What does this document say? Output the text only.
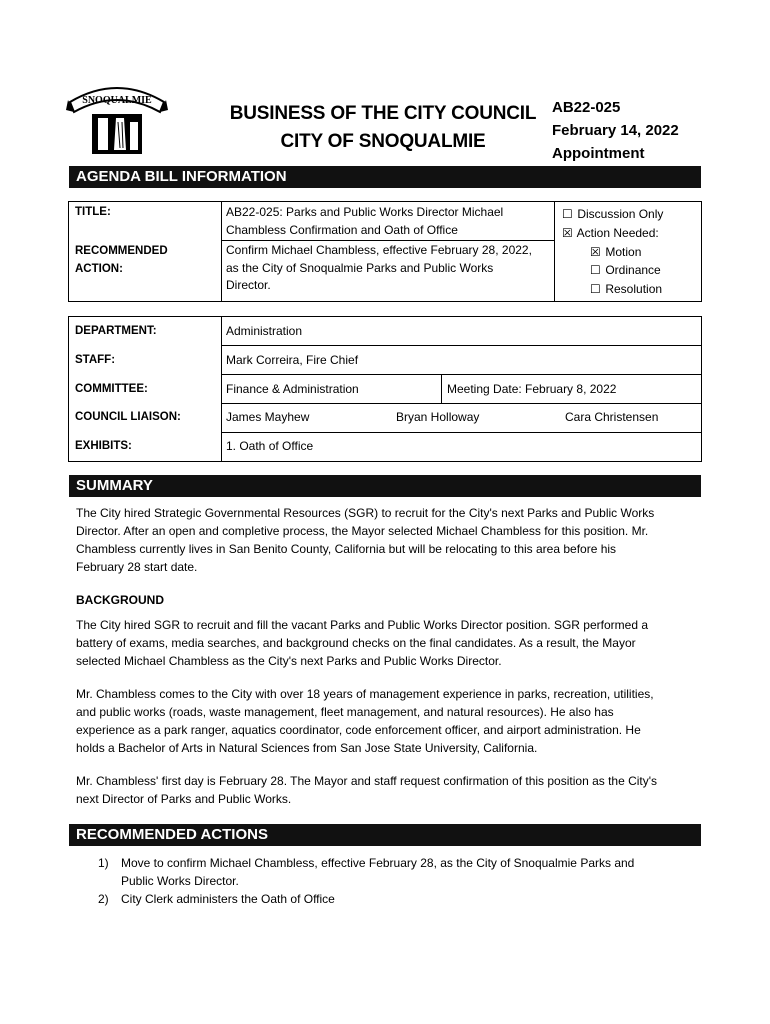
SNOQUALMIE
BUSINESS OF THE CITY COUNCIL
CITY OF SNOQUALMIE
AB22-025
February 14, 2022
Appointment
AGENDA BILL INFORMATION
TITLE:	AB22-025: Parks and Public Works Director Michael
Chambless Confirmation and Oath of Office
RECOMMENDED
ACTION:
Confirm Michael Chambless, effective February 28, 2022,
as the City of Snoqualmie Parks and Public Works
Director.
☐ Discussion Only
☒ Action Needed:
☒ Motion
☐ Ordinance
☐ Resolution
DEPARTMENT:	Administration
STAFF:	Mark Correira, Fire Chief
COMMITTEE:	Finance & Administration	Meeting Date: February 8, 2022
COUNCIL LIAISON:	James Mayhew	Bryan Holloway	Cara Christensen
EXHIBITS:	1. Oath of Office
SUMMARY
The City hired Strategic Governmental Resources (SGR) to recruit for the City's next Parks and Public Works
Director. After an open and completive process, the Mayor selected Michael Chambless for this position. Mr.
Chambless currently lives in San Benito County, California but will be relocating to this area before his
February 28 start date.
BACKGROUND
The City hired SGR to recruit and fill the vacant Parks and Public Works Director position. SGR performed a
battery of exams, media searches, and background checks on the final candidates. As a result, the Mayor
selected Michael Chambless as the City's next Parks and Public Works Director.
Mr. Chambless comes to the City with over 18 years of management experience in parks, recreation, utilities,
and public works (roads, waste management, fleet management, and natural resources). He also has
experience as a park ranger, aquatics coordinator, code enforcement officer, and airport administration. He
holds a Bachelor of Arts in Natural Sciences from San Jose State University, California.
Mr. Chambless' first day is February 28. The Mayor and staff request confirmation of this position as the City's
next Director of Parks and Public Works.
RECOMMENDED ACTIONS
1) Move to confirm Michael Chambless, effective February 28, as the City of Snoqualmie Parks and
Public Works Director.
2) City Clerk administers the Oath of Office
